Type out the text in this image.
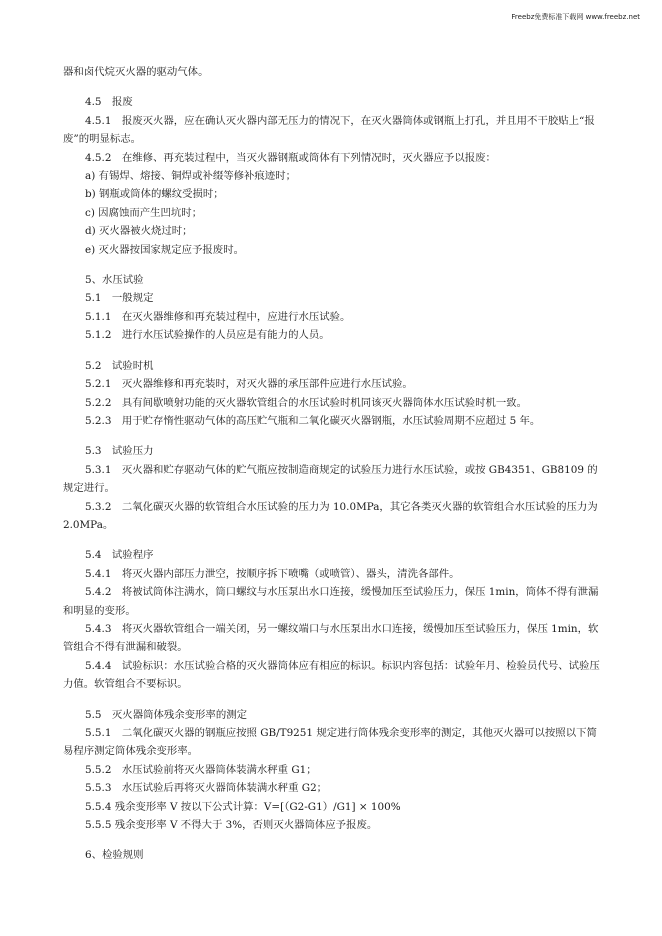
Freebz免费标准下载网 www.freebz.net

器和卤代烷灭火器的驱动气体。

4.5　报废

4.5.1　报废灭火器，应在确认灭火器内部无压力的情况下，在灭火器筒体或钢瓶上打孔，并且用不干胶贴上“报废”的明显标志。

4.5.2　在维修、再充装过程中，当灭火器钢瓶或筒体有下列情况时，灭火器应予以报废：

a) 有锡焊、熔接、铜焊或补缀等修补痕迹时；

b) 钢瓶或筒体的螺纹受损时；

c) 因腐蚀而产生凹坑时；

d) 灭火器被火烧过时；

e) 灭火器按国家规定应予报废时。

5、水压试验

5.1　一般规定

5.1.1　在灭火器维修和再充装过程中，应进行水压试验。

5.1.2　进行水压试验操作的人员应是有能力的人员。

5.2　试验时机

5.2.1　灭火器维修和再充装时，对灭火器的承压部件应进行水压试验。

5.2.2　具有间歇喷射功能的灭火器软管组合的水压试验时机同该灭火器筒体水压试验时机一致。

5.2.3　用于贮存惰性驱动气体的高压贮气瓶和二氧化碳灭火器钢瓶，水压试验周期不应超过 5 年。

5.3　试验压力

5.3.1　灭火器和贮存驱动气体的贮气瓶应按制造商规定的试验压力进行水压试验，或按 GB4351、GB8109 的规定进行。

5.3.2　二氧化碳灭火器的软管组合水压试验的压力为 10.0MPa，其它各类灭火器的软管组合水压试验的压力为 2.0MPa。

5.4　试验程序

5.4.1　将灭火器内部压力泄空，按顺序拆下喷嘴（或喷管）、器头，清洗各部件。

5.4.2　将被试筒体注满水，筒口螺纹与水压泵出水口连接，缓慢加压至试验压力，保压 1min，筒体不得有泄漏和明显的变形。

5.4.3　将灭火器软管组合一端关闭，另一螺纹端口与水压泵出水口连接，缓慢加压至试验压力，保压 1min，软管组合不得有泄漏和破裂。

5.4.4　试验标识：水压试验合格的灭火器筒体应有相应的标识。标识内容包括：试验年月、检验员代号、试验压力值。软管组合不要标识。

5.5　灭火器筒体残余变形率的测定

5.5.1　二氧化碳灭火器的钢瓶应按照 GB/T9251 规定进行筒体残余变形率的测定，其他灭火器可以按照以下简易程序测定筒体残余变形率。

5.5.2　水压试验前将灭火器筒体装满水秤重 G1；

5.5.3　水压试验后再将灭火器筒体装满水秤重 G2；

5.5.4 残余变形率 V 按以下公式计算：V=[（G2-G1）/G1] × 100%

5.5.5 残余变形率 V 不得大于 3%，否则灭火器筒体应予报废。

6、检验规则
